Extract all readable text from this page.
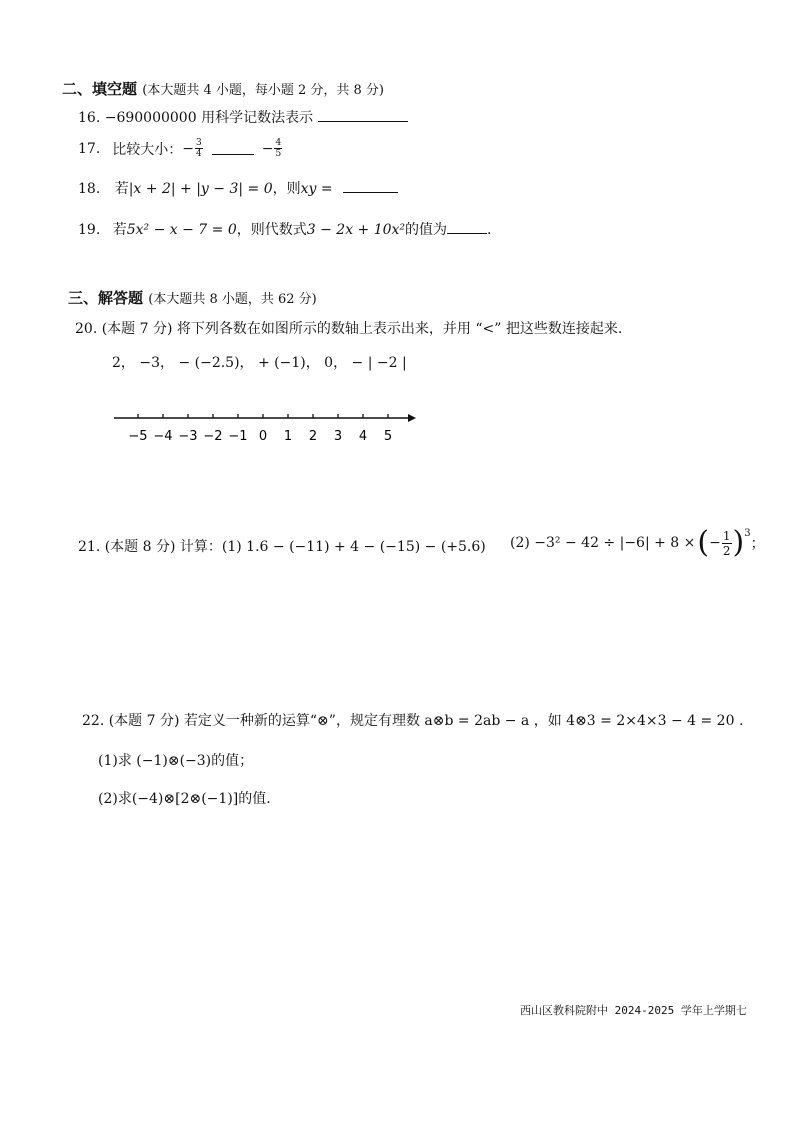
二、填空题 (本大题共 4 小题，每小题 2 分，共 8 分)
16. −690000000 用科学记数法表示
17. 比较大小： − $\frac{3}{4}$	− $\frac{4}{5}$
18. 若|x + 2| + |y − 3| = 0，则xy =
19. 若5x² − x − 7 = 0，则代数式3 − 2x + 10x²的值为	.
三、解答题 (本大题共 8 小题，共 62 分)
20. (本题 7 分) 将下列各数在如图所示的数轴上表示出来，并用 “<” 把这些数连接起来.
2， −3， − (−2.5)， + (−1)， 0， − | −2 |
−5 −4 −3 −2 −1 0 1 2 3 4 5
21. (本题 8 分) 计算：(1) 1.6 − (−11) + 4 − (−15) − (+5.6) (2) −3² − 42 ÷ |−6| + 8 × ( − $\frac{1}{2} )^3$
；
22. (本题 7 分) 若定义一种新的运算“⊗”，规定有理数 a⊗b = 2ab − a ，如 4⊗3 = 2×4×3 − 4 = 20 .
(1)求 (−1)⊗(−3)的值；
(2)求(−4)⊗[2⊗(−1)]的值.
西山区教科院附中 2024-2025 学年上学期七
